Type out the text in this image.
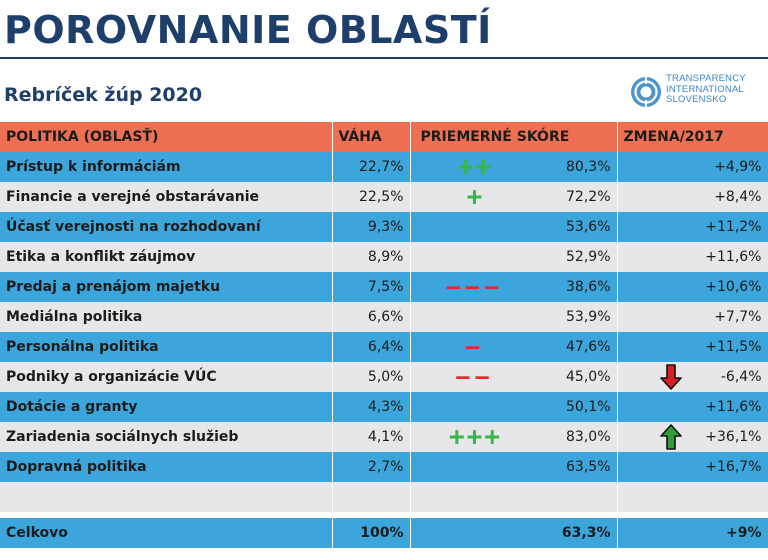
POROVNANIE OBLASTÍ
Rebríček žúp 2020
TRANSPARENCY
INTERNATIONAL
SLOVENSKO
POLITIKA (OBLASŤ)	VÁHA	PRIEMERNÉ SKÓRE	ZMENA/2017
Prístup k informáciám	22,7%	++ 80,3%	+4,9%
Financie a verejné obstarávanie	22,5%	+ 72,2%	+8,4%
Účasť verejnosti na rozhodovaní	9,3%	53,6%	+11,2%
Etika a konflikt záujmov	8,9%	52,9%	+11,6%
Predaj a prenájom majetku	7,5%	––– 38,6%	+10,6%
Mediálna politika	6,6%	53,9%	+7,7%
Personálna politika	6,4%	– 47,6%	+11,5%
Podniky a organizácie VÚC	5,0%	–– 45,0%	-6,4%
Dotácie a granty	4,3%	50,1%	+11,6%
Zariadenia sociálnych služieb	4,1%	+++ 83,0%	+36,1%
Dopravná politika	2,7%	63,5%	+16,7%

Celkovo	100%	63,3%	+9%
